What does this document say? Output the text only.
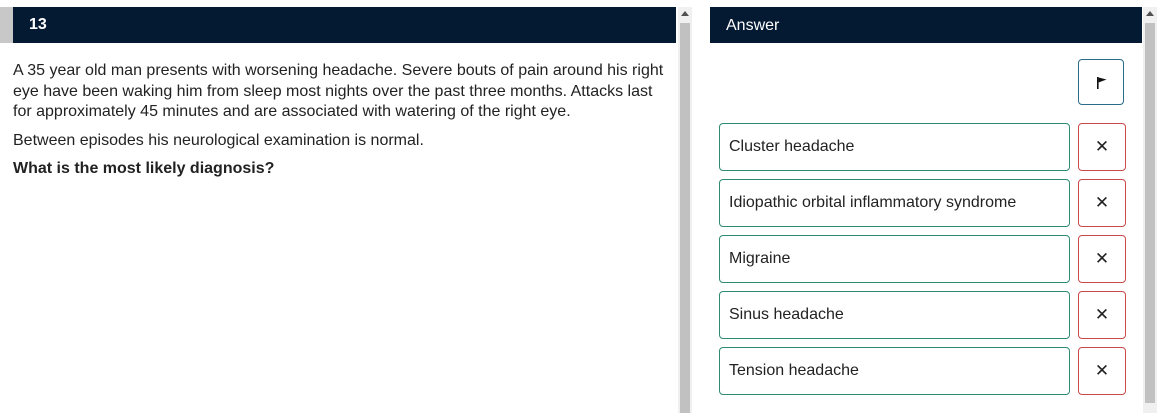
13

A 35 year old man presents with worsening headache. Severe bouts of pain around his right eye have been waking him from sleep most nights over the past three months. Attacks last for approximately 45 minutes and are associated with watering of the right eye.

Between episodes his neurological examination is normal.

What is the most likely diagnosis?

Answer
Cluster headache	✕
Idiopathic orbital inflammatory syndrome	✕
Migraine	✕
Sinus headache	✕
Tension headache	✕
